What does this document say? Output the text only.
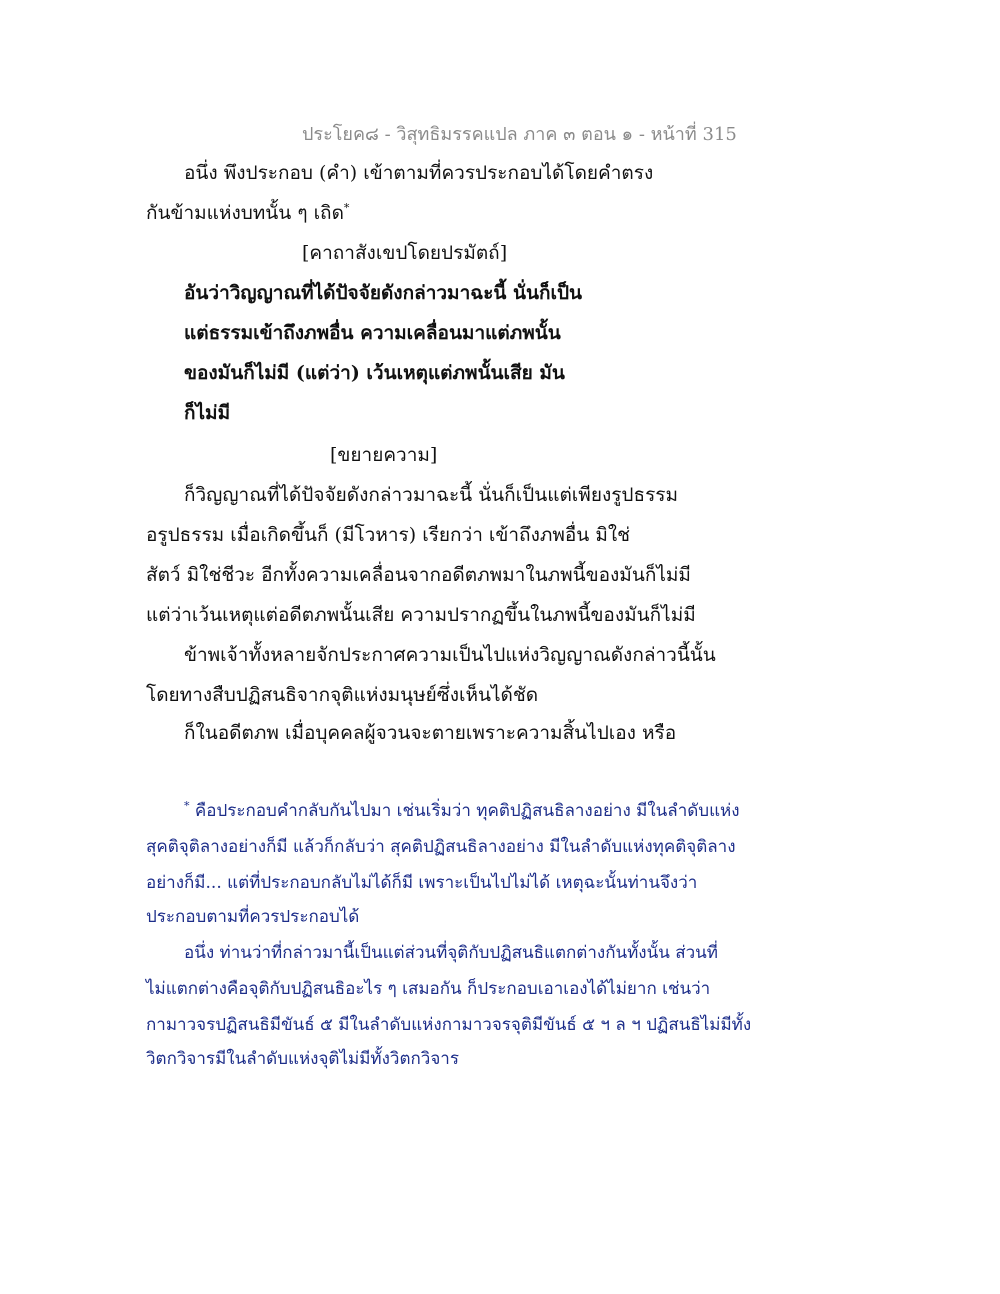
ประโยค๘ - วิสุทธิมรรคแปล ภาค ๓ ตอน ๑ - หน้าที่ 315
อนึ่ง พึงประกอบ (คำ) เข้าตามที่ควรประกอบได้โดยคำตรง
กันข้ามแห่งบทนั้น ๆ เถิด*
[คาถาสังเขปโดยปรมัตถ์]
อันว่าวิญญาณที่ได้ปัจจัยดังกล่าวมาฉะนี้ นั่นก็เป็น
แต่ธรรมเข้าถึงภพอื่น ความเคลื่อนมาแต่ภพนั้น
ของมันก็ไม่มี (แต่ว่า) เว้นเหตุแต่ภพนั้นเสีย มัน
ก็ไม่มี
[ขยายความ]
ก็วิญญาณที่ได้ปัจจัยดังกล่าวมาฉะนี้ นั่นก็เป็นแต่เพียงรูปธรรม
อรูปธรรม เมื่อเกิดขึ้นก็ (มีโวหาร) เรียกว่า เข้าถึงภพอื่น มิใช่
สัตว์ มิใช่ชีวะ อีกทั้งความเคลื่อนจากอดีตภพมาในภพนี้ของมันก็ไม่มี
แต่ว่าเว้นเหตุแต่อดีตภพนั้นเสีย ความปรากฏขึ้นในภพนี้ของมันก็ไม่มี
ข้าพเจ้าทั้งหลายจักประกาศความเป็นไปแห่งวิญญาณดังกล่าวนี้นั้น
โดยทางสืบปฏิสนธิจากจุติแห่งมนุษย์ซึ่งเห็นได้ชัด
ก็ในอดีตภพ เมื่อบุคคลผู้จวนจะตายเพราะความสิ้นไปเอง หรือ
* คือประกอบคำกลับกันไปมา เช่นเริ่มว่า ทุคติปฏิสนธิลางอย่าง มีในลำดับแห่ง
สุคติจุติลางอย่างก็มี แล้วก็กลับว่า สุคติปฏิสนธิลางอย่าง มีในลำดับแห่งทุคติจุติลาง
อย่างก็มี... แต่ที่ประกอบกลับไม่ได้ก็มี เพราะเป็นไปไม่ได้ เหตุฉะนั้นท่านจึงว่า
ประกอบตามที่ควรประกอบได้
อนึ่ง ท่านว่าที่กล่าวมานี้เป็นแต่ส่วนที่จุติกับปฏิสนธิแตกต่างกันทั้งนั้น ส่วนที่
ไม่แตกต่างคือจุติกับปฏิสนธิอะไร ๆ เสมอกัน ก็ประกอบเอาเองได้ไม่ยาก เช่นว่า
กามาวจรปฏิสนธิมีขันธ์ ๕ มีในลำดับแห่งกามาวจรจุติมีขันธ์ ๕ ฯ ล ฯ ปฏิสนธิไม่มีทั้ง
วิตกวิจารมีในลำดับแห่งจุติไม่มีทั้งวิตกวิจาร
